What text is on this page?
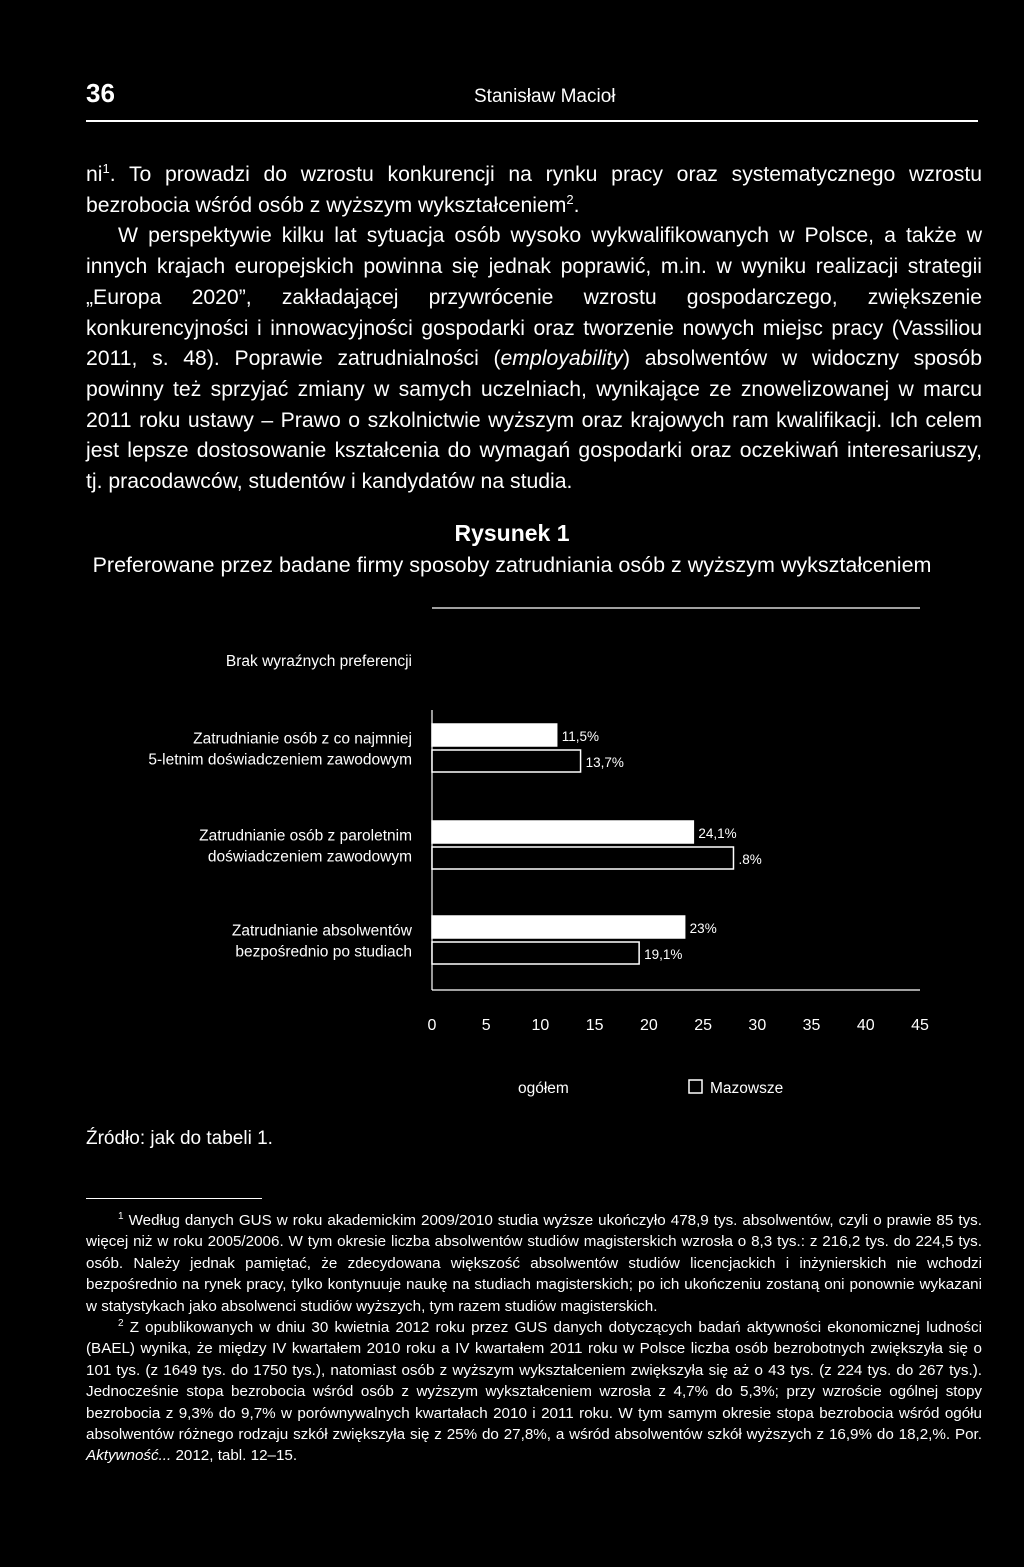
36	Stanisław Macioł

$ni^1$. To prowadzi do wzrostu konkurencji na rynku pracy oraz systematycznego wzrostu bezrobocia wśród osób z wyższym wykształceniem$^2$.

W perspektywie kilku lat sytuacja osób wysoko wykwalifikowanych w Polsce, a także w innych krajach europejskich powinna się jednak poprawić, m.in. w wyniku realizacji strategii „Europa 2020”, zakładającej przywrócenie wzrostu gospodarczego, zwiększenie konkurencyjności i innowacyjności gospodarki oraz tworzenie nowych miejsc pracy (Vassiliou 2011, s. 48). Poprawie zatrudnialności (employability) absolwentów w widoczny sposób powinny też sprzyjać zmiany w samych uczelniach, wynikające ze znowelizowanej w marcu 2011 roku ustawy – Prawo o szkolnictwie wyższym oraz krajowych ram kwalifikacji. Ich celem jest lepsze dostosowanie kształcenia do wymagań gospodarki oraz oczekiwań interesariuszy, tj. pracodawców, studentów i kandydatów na studia.

Rysunek 1
Preferowane przez badane firmy sposoby zatrudniania osób z wyższym wykształceniem
Brak wyraźnych preferencji
Zatrudnianie osób z co najmniej
5-letnim doświadczeniem zawodowym
Zatrudnianie osób z paroletnim
doświadczeniem zawodowym
Zatrudnianie absolwentów
bezpośrednio po studiach
11,5%
24,1%
23%
13,7%
.8%
19,1%
0	5	10 15 20 25 30 35 40 45
ogółem	Mazowsze
Źródło: jak do tabeli 1.

$^1$ Według danych GUS w roku akademickim 2009/2010 studia wyższe ukończyło 478,9 tys. absolwentów, czyli o prawie 85 tys. więcej niż w roku 2005/2006. W tym okresie liczba absolwentów studiów magisterskich wzrosła o 8,3 tys.: z 216,2 tys. do 224,5 tys. osób. Należy jednak pamiętać, że zdecydowana większość absolwentów studiów licencjackich i inżynierskich nie wchodzi bezpośrednio na rynek pracy, tylko kontynuuje naukę na studiach magisterskich; po ich ukończeniu zostaną oni ponownie wykazani w statystykach jako absolwenci studiów wyższych, tym razem studiów magisterskich.

$^2$ Z opublikowanych w dniu 30 kwietnia 2012 roku przez GUS danych dotyczących badań aktywności ekonomicznej ludności (BAEL) wynika, że między IV kwartałem 2010 roku a IV kwartałem 2011 roku w Polsce liczba osób bezrobotnych zwiększyła się o 101 tys. (z 1649 tys. do 1750 tys.), natomiast osób z wyższym wykształceniem zwiększyła się aż o 43 tys. (z 224 tys. do 267 tys.). Jednocześnie stopa bezrobocia wśród osób z wyższym wykształceniem wzrosła z 4,7% do 5,3%; przy wzroście ogólnej stopy bezrobocia z 9,3% do 9,7% w porównywalnych kwartałach 2010 i 2011 roku. W tym samym okresie stopa bezrobocia wśród ogółu absolwentów różnego rodzaju szkół zwiększyła się z 25% do 27,8%, a wśród absolwentów szkół wyższych z 16,9% do 18,2,%. Por. Aktywność... 2012, tabl. 12–15.
